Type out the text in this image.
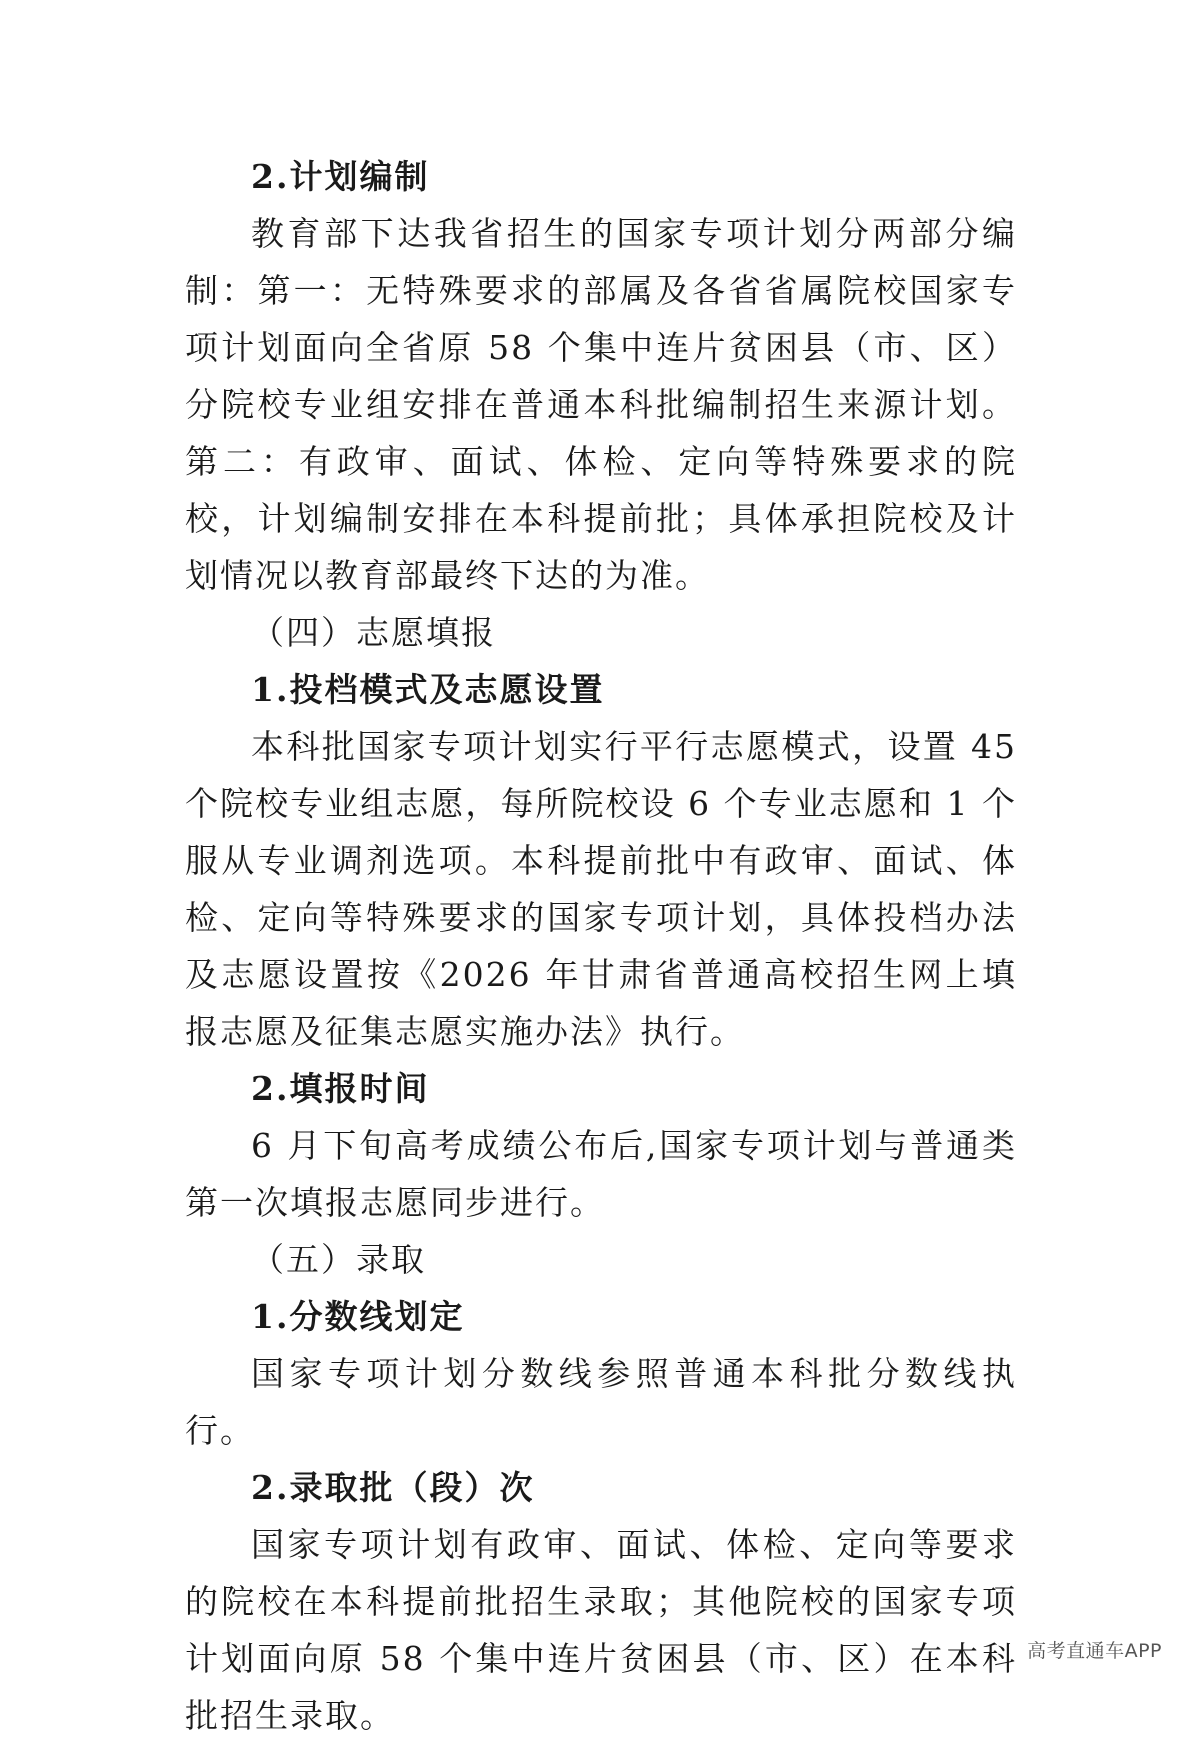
2.计划编制

教育部下达我省招生的国家专项计划分两部分编制：第一：无特殊要求的部属及各省省属院校国家专项计划面向全省原 58 个集中连片贫困县（市、区）分院校专业组安排在普通本科批编制招生来源计划。第二：有政审、面试、体检、定向等特殊要求的院校，计划编制安排在本科提前批；具体承担院校及计划情况以教育部最终下达的为准。

（四）志愿填报

1.投档模式及志愿设置

本科批国家专项计划实行平行志愿模式，设置 45 个院校专业组志愿，每所院校设 6 个专业志愿和 1 个服从专业调剂选项。本科提前批中有政审、面试、体检、定向等特殊要求的国家专项计划，具体投档办法及志愿设置按《2026 年甘肃省普通高校招生网上填报志愿及征集志愿实施办法》执行。

2.填报时间

6 月下旬高考成绩公布后,国家专项计划与普通类第一次填报志愿同步进行。

（五）录取

1.分数线划定

国家专项计划分数线参照普通本科批分数线执行。

2.录取批（段）次

国家专项计划有政审、面试、体检、定向等要求的院校在本科提前批招生录取；其他院校的国家专项计划面向原 58 个集中连片贫困县（市、区）在本科批招生录取。

高考直通车APP
